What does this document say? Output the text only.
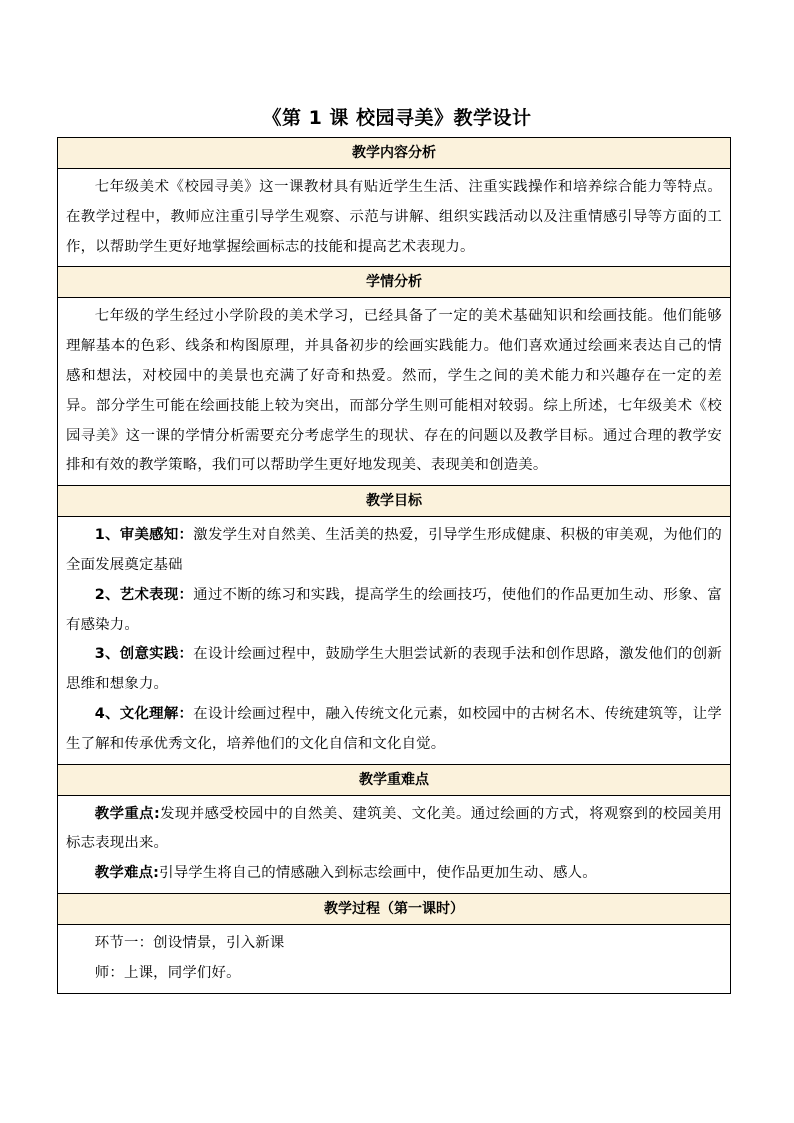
《第 1 课 校园寻美》教学设计
教学内容分析

七年级美术《校园寻美》这一课教材具有贴近学生生活、注重实践操作和培养综合能力等特点。在教学过程中，教师应注重引导学生观察、示范与讲解、组织实践活动以及注重情感引导等方面的工作，以帮助学生更好地掌握绘画标志的技能和提高艺术表现力。

学情分析

七年级的学生经过小学阶段的美术学习，已经具备了一定的美术基础知识和绘画技能。他们能够理解基本的色彩、线条和构图原理，并具备初步的绘画实践能力。他们喜欢通过绘画来表达自己的情感和想法，对校园中的美景也充满了好奇和热爱。然而，学生之间的美术能力和兴趣存在一定的差异。部分学生可能在绘画技能上较为突出，而部分学生则可能相对较弱。综上所述，七年级美术《校园寻美》这一课的学情分析需要充分考虑学生的现状、存在的问题以及教学目标。通过合理的教学安排和有效的教学策略，我们可以帮助学生更好地发现美、表现美和创造美。

教学目标

1、审美感知：激发学生对自然美、生活美的热爱，引导学生形成健康、积极的审美观，为他们的全面发展奠定基础

2、艺术表现：通过不断的练习和实践，提高学生的绘画技巧，使他们的作品更加生动、形象、富有感染力。

3、创意实践：在设计绘画过程中，鼓励学生大胆尝试新的表现手法和创作思路，激发他们的创新思维和想象力。

4、文化理解：在设计绘画过程中，融入传统文化元素，如校园中的古树名木、传统建筑等，让学生了解和传承优秀文化，培养他们的文化自信和文化自觉。

教学重难点

教学重点:发现并感受校园中的自然美、建筑美、文化美。通过绘画的方式，将观察到的校园美用标志表现出来。

教学难点:引导学生将自己的情感融入到标志绘画中，使作品更加生动、感人。

教学过程（第一课时）

环节一：创设情景，引入新课

师：上课，同学们好。
